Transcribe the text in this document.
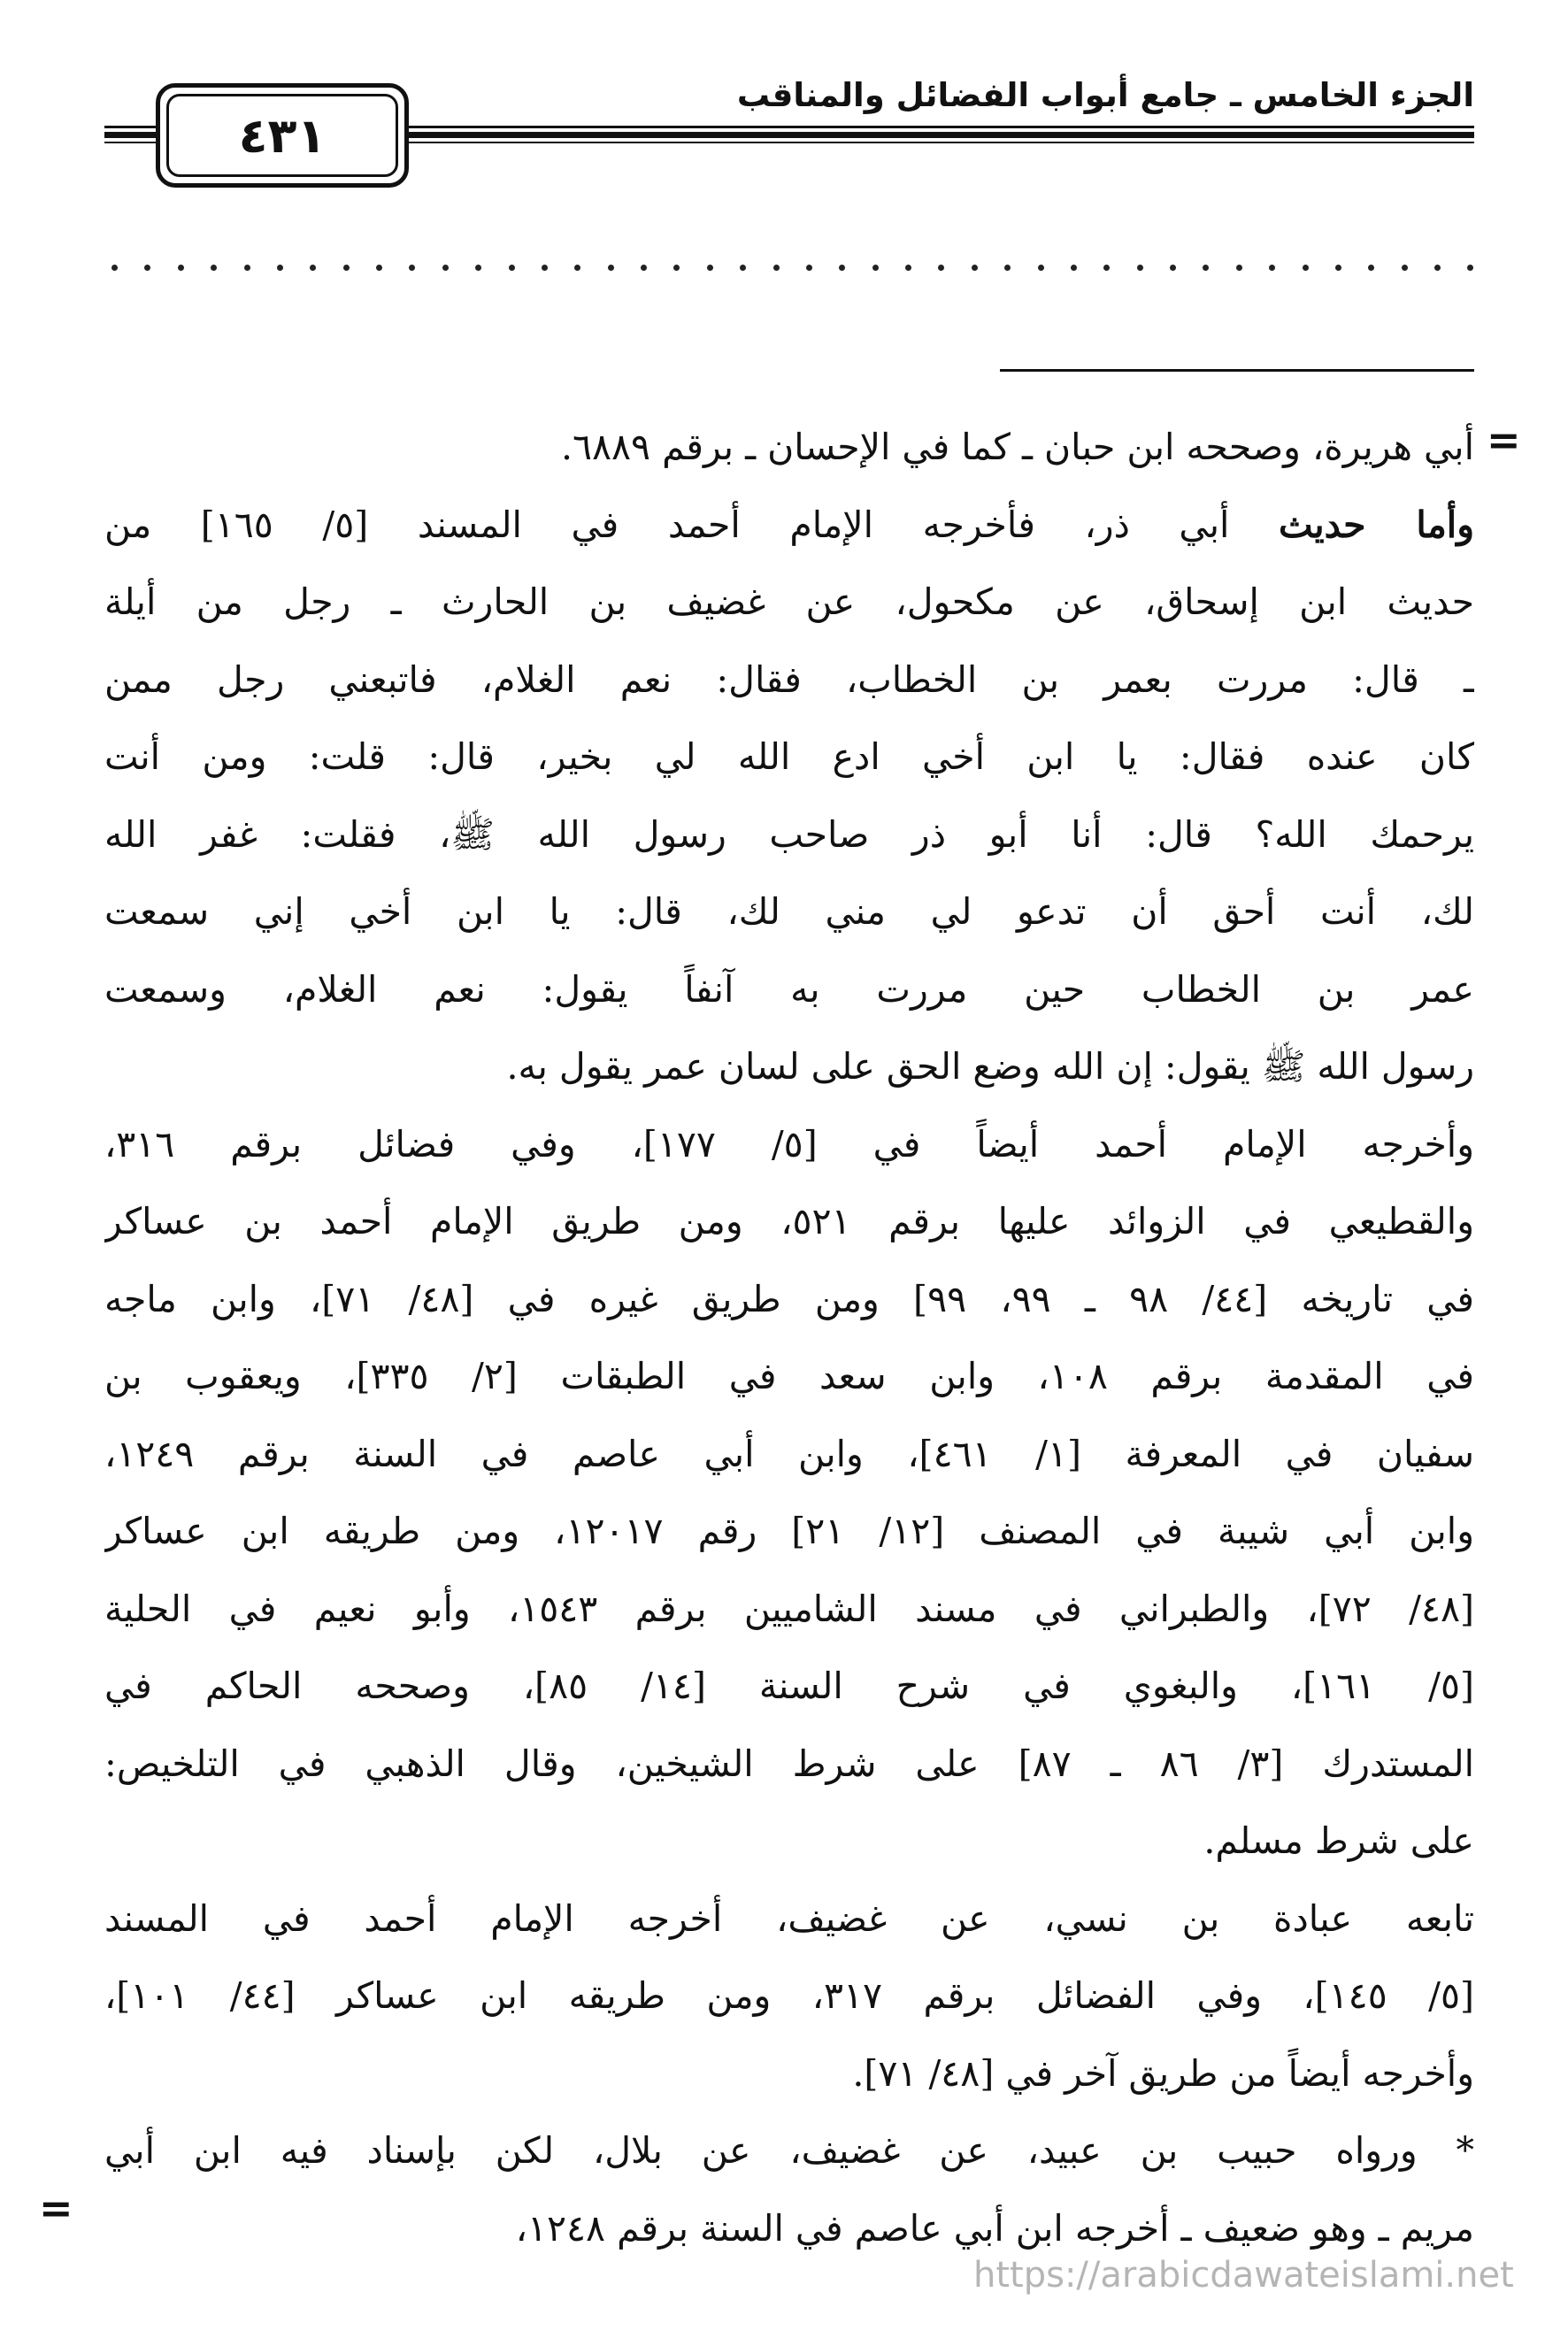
الجزء الخامس ـ جامع أبواب الفضائل والمناقب
٤٣١
=
=
أبي هريرة، وصححه ابن حبان ـ كما في الإحسان ـ برقم ٦٨٨٩.
وأما حديث أبي ذر، فأخرجه الإمام أحمد في المسند [٥/ ١٦٥] من
حديث ابن إسحاق، عن مكحول، عن غضيف بن الحارث ـ رجل من أيلة
ـ قال: مررت بعمر بن الخطاب، فقال: نعم الغلام، فاتبعني رجل ممن
كان عنده فقال: يا ابن أخي ادع الله لي بخير، قال: قلت: ومن أنت
يرحمك الله؟ قال: أنا أبو ذر صاحب رسول الله ﷺ، فقلت: غفر الله
لك، أنت أحق أن تدعو لي مني لك، قال: يا ابن أخي إني سمعت
عمر بن الخطاب حين مررت به آنفاً يقول: نعم الغلام، وسمعت
رسول الله ﷺ يقول: إن الله وضع الحق على لسان عمر يقول به.
وأخرجه الإمام أحمد أيضاً في [٥/ ١٧٧]، وفي فضائل برقم ٣١٦،
والقطيعي في الزوائد عليها برقم ٥٢١، ومن طريق الإمام أحمد بن عساكر
في تاريخه [٤٤/ ٩٨ ـ ٩٩، ٩٩] ومن طريق غيره في [٤٨/ ٧١]، وابن ماجه
في المقدمة برقم ١٠٨، وابن سعد في الطبقات [٢/ ٣٣٥]، ويعقوب بن
سفيان في المعرفة [١/ ٤٦١]، وابن أبي عاصم في السنة برقم ١٢٤٩،
وابن أبي شيبة في المصنف [١٢/ ٢١] رقم ١٢٠١٧، ومن طريقه ابن عساكر
[٤٨/ ٧٢]، والطبراني في مسند الشاميين برقم ١٥٤٣، وأبو نعيم في الحلية
[٥/ ١٦١]، والبغوي في شرح السنة [١٤/ ٨٥]، وصححه الحاكم في
المستدرك [٣/ ٨٦ ـ ٨٧] على شرط الشيخين، وقال الذهبي في التلخيص:
على شرط مسلم.
تابعه عبادة بن نسي، عن غضيف، أخرجه الإمام أحمد في المسند
[٥/ ١٤٥]، وفي الفضائل برقم ٣١٧، ومن طريقه ابن عساكر [٤٤/ ١٠١]،
وأخرجه أيضاً من طريق آخر في [٤٨/ ٧١].
* ورواه حبيب بن عبيد، عن غضيف، عن بلال، لكن بإسناد فيه ابن أبي
مريم ـ وهو ضعيف ـ أخرجه ابن أبي عاصم في السنة برقم ١٢٤٨،
https://arabicdawateislami.net
